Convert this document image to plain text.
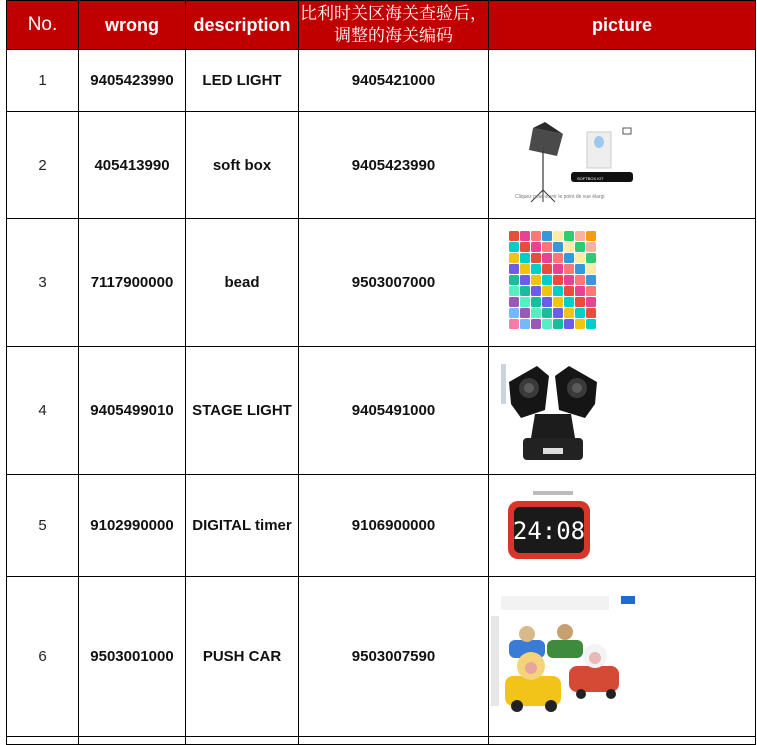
No.	wrong	description	比利时关区海关查验后，调整的海关编码	picture
1	9405423990	LED LIGHT	9405421000	
2	405413990	soft box	9405423990	SOFTBOX KIT
Cliquez pour ouvrir le point de vue élargi

3	7117900000	bead	9503007000	

4	9405499010	STAGE LIGHT	9405491000	

5	9102990000	DIGITAL timer	9106900000	24:08

6	9503001000	PUSH CAR	9503007590	
